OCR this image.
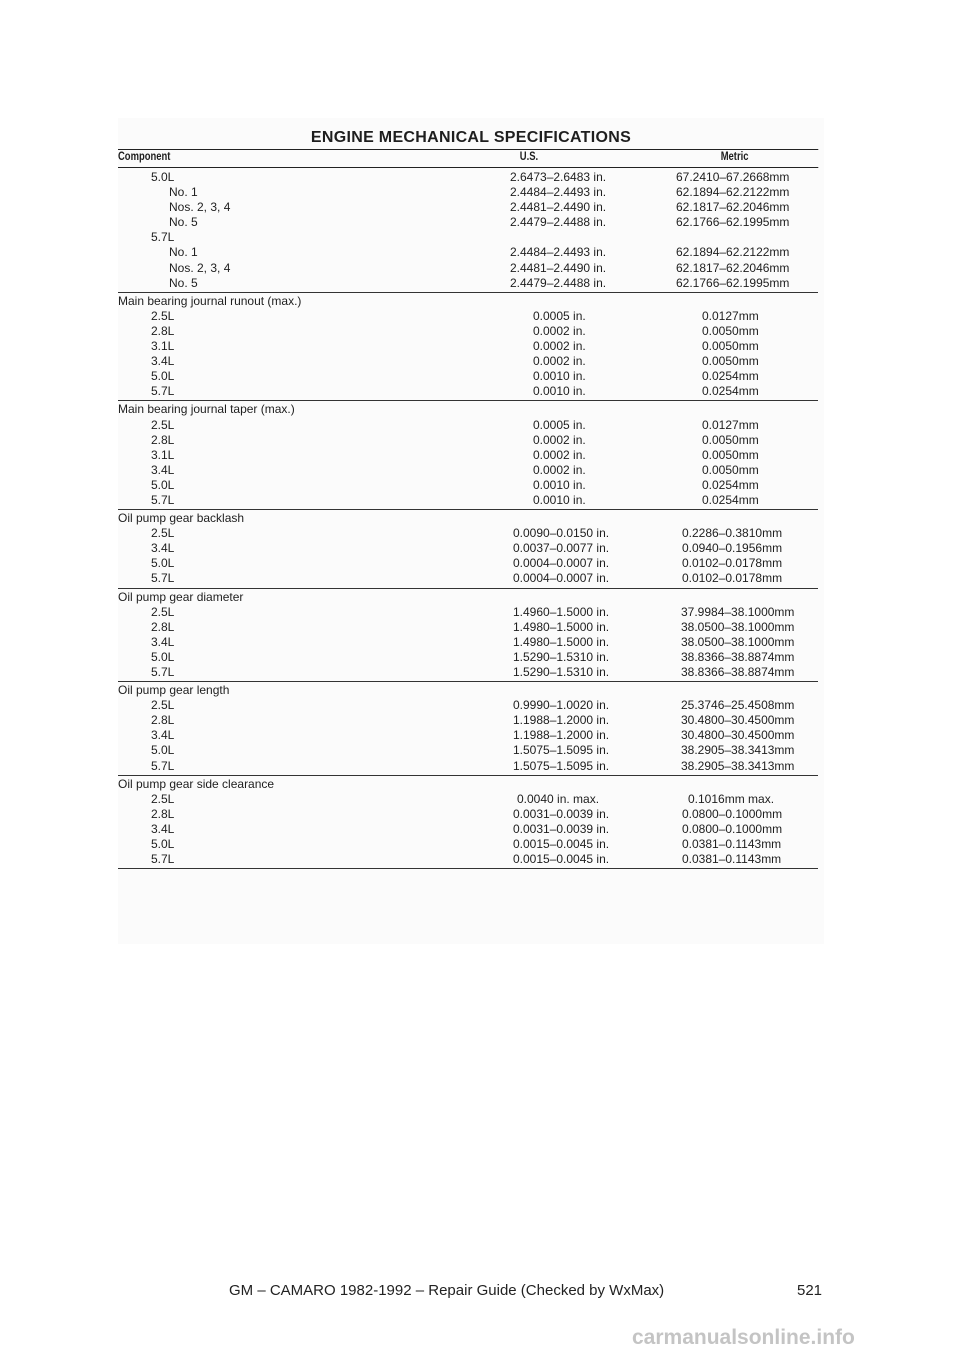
ENGINE MECHANICAL SPECIFICATIONS
Component	U.S.	Metric
5.0L	2.6473–2.6483 in.	67.2410–67.2668mm
No. 1	2.4484–2.4493 in.	62.1894–62.2122mm
Nos. 2, 3, 4	2.4481–2.4490 in.	62.1817–62.2046mm
No. 5	2.4479–2.4488 in.	62.1766–62.1995mm
5.7L
No. 1	2.4484–2.4493 in.	62.1894–62.2122mm
Nos. 2, 3, 4	2.4481–2.4490 in.	62.1817–62.2046mm
No. 5	2.4479–2.4488 in.	62.1766–62.1995mm
Main bearing journal runout (max.)
2.5L	0.0005 in.	0.0127mm
2.8L	0.0002 in.	0.0050mm
3.1L	0.0002 in.	0.0050mm
3.4L	0.0002 in.	0.0050mm
5.0L	0.0010 in.	0.0254mm
5.7L	0.0010 in.	0.0254mm
Main bearing journal taper (max.)
2.5L	0.0005 in.	0.0127mm
2.8L	0.0002 in.	0.0050mm
3.1L	0.0002 in.	0.0050mm
3.4L	0.0002 in.	0.0050mm
5.0L	0.0010 in.	0.0254mm
5.7L	0.0010 in.	0.0254mm
Oil pump gear backlash
2.5L	0.0090–0.0150 in.	0.2286–0.3810mm
3.4L	0.0037–0.0077 in.	0.0940–0.1956mm
5.0L	0.0004–0.0007 in.	0.0102–0.0178mm
5.7L	0.0004–0.0007 in.	0.0102–0.0178mm
Oil pump gear diameter
2.5L	1.4960–1.5000 in.	37.9984–38.1000mm
2.8L	1.4980–1.5000 in.	38.0500–38.1000mm
3.4L	1.4980–1.5000 in.	38.0500–38.1000mm
5.0L	1.5290–1.5310 in.	38.8366–38.8874mm
5.7L	1.5290–1.5310 in.	38.8366–38.8874mm
Oil pump gear length
2.5L	0.9990–1.0020 in.	25.3746–25.4508mm
2.8L	1.1988–1.2000 in.	30.4800–30.4500mm
3.4L	1.1988–1.2000 in.	30.4800–30.4500mm
5.0L	1.5075–1.5095 in.	38.2905–38.3413mm
5.7L	1.5075–1.5095 in.	38.2905–38.3413mm
Oil pump gear side clearance
2.5L	0.0040 in. max.	0.1016mm max.
2.8L	0.0031–0.0039 in.	0.0800–0.1000mm
3.4L	0.0031–0.0039 in.	0.0800–0.1000mm
5.0L	0.0015–0.0045 in.	0.0381–0.1143mm
5.7L	0.0015–0.0045 in.	0.0381–0.1143mm
GM – CAMARO 1982-1992 – Repair Guide (Checked by WxMax)	521
carmanualsonline.info
